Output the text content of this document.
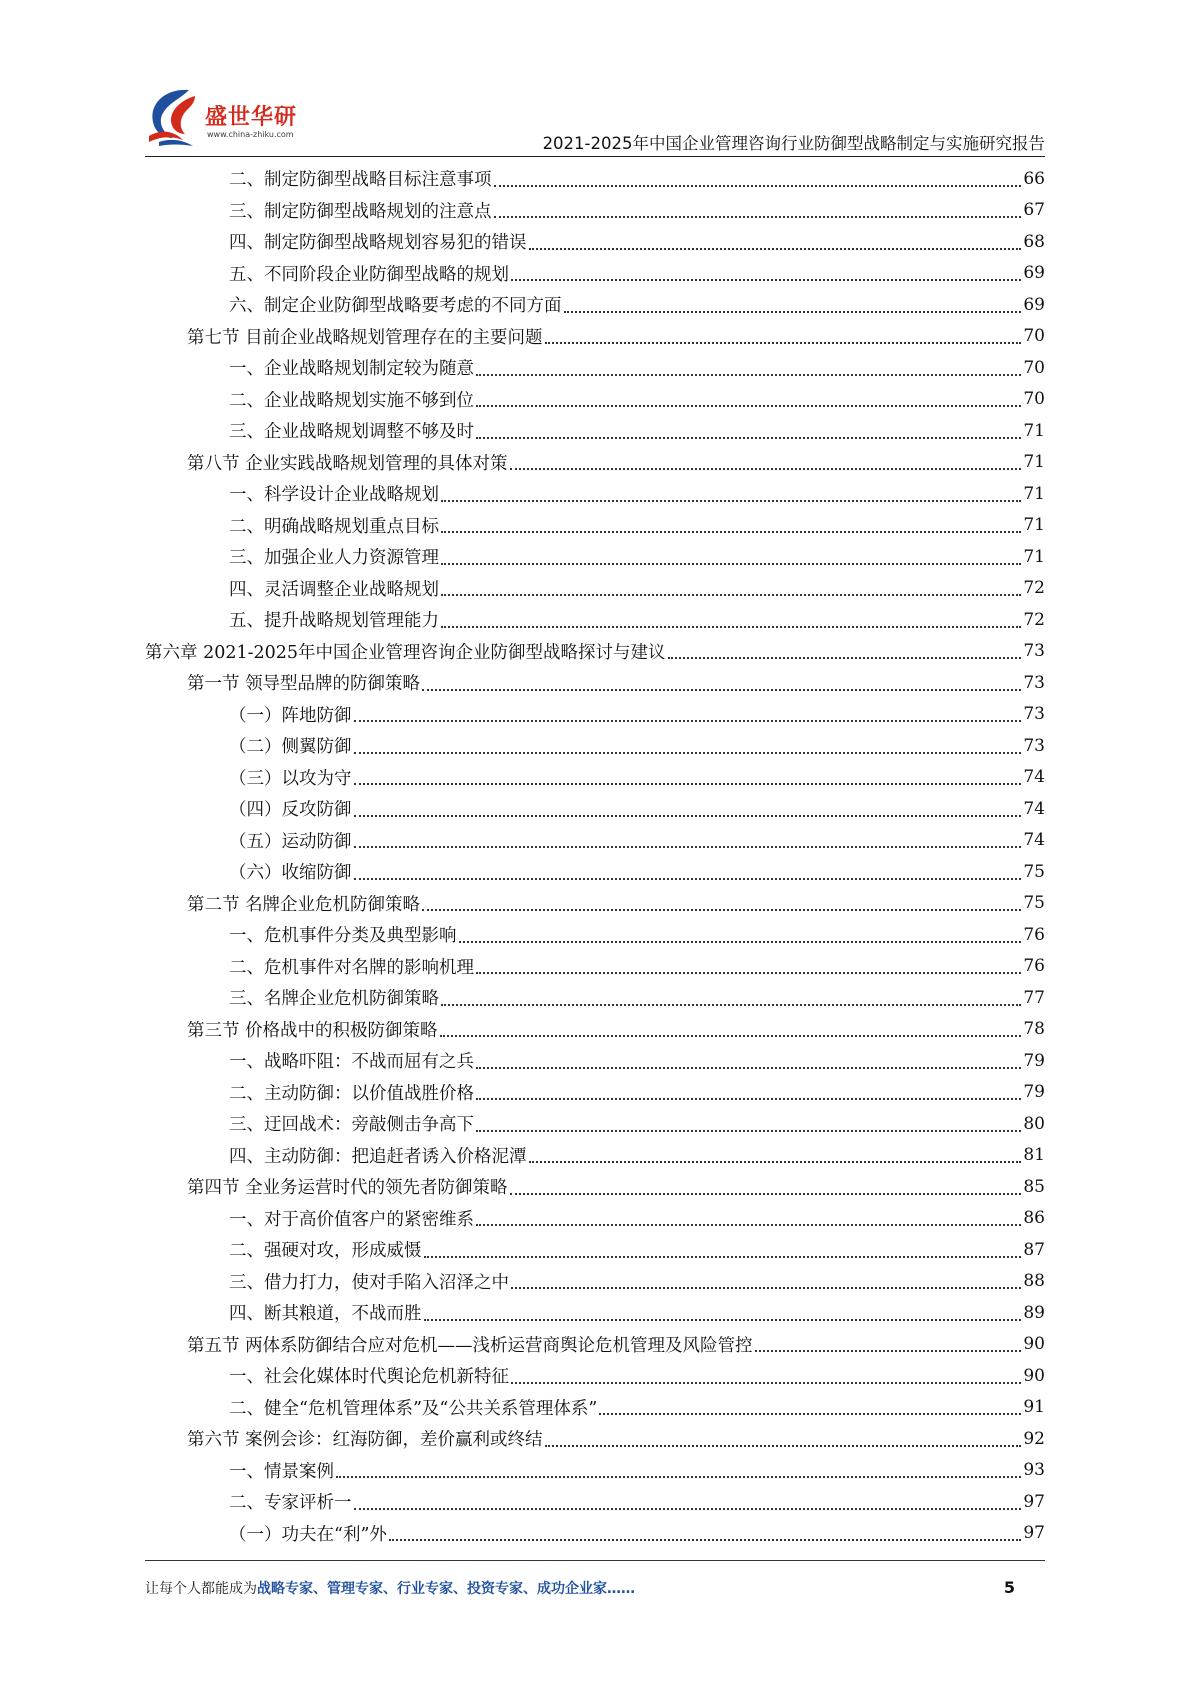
盛世华研
www.china-zhiku.com	2021-2025年中国企业管理咨询行业防御型战略制定与实施研究报告
二、制定防御型战略目标注意事项	66
三、制定防御型战略规划的注意点	67
四、制定防御型战略规划容易犯的错误	68
五、不同阶段企业防御型战略的规划	69
六、制定企业防御型战略要考虑的不同方面	69
第七节 目前企业战略规划管理存在的主要问题	70
一、企业战略规划制定较为随意	70
二、企业战略规划实施不够到位	70
三、企业战略规划调整不够及时	71
第八节 企业实践战略规划管理的具体对策	71
一、科学设计企业战略规划	71
二、明确战略规划重点目标	71
三、加强企业人力资源管理	71
四、灵活调整企业战略规划	72
五、提升战略规划管理能力	72
第六章 2021-2025年中国企业管理咨询企业防御型战略探讨与建议	73
第一节 领导型品牌的防御策略	73
（一）阵地防御	73
（二）侧翼防御	73
（三）以攻为守	74
（四）反攻防御	74
（五）运动防御	74
（六）收缩防御	75
第二节 名牌企业危机防御策略	75
一、危机事件分类及典型影响	76
二、危机事件对名牌的影响机理	76
三、名牌企业危机防御策略	77
第三节 价格战中的积极防御策略	78
一、战略吓阻：不战而屈有之兵	79
二、主动防御：以价值战胜价格	79
三、迂回战术：旁敲侧击争高下	80
四、主动防御：把追赶者诱入价格泥潭	81
第四节 全业务运营时代的领先者防御策略	85
一、对于高价值客户的紧密维系	86
二、强硬对攻，形成威慑	87
三、借力打力，使对手陷入沼泽之中	88
四、断其粮道，不战而胜	89
第五节 两体系防御结合应对危机——浅析运营商舆论危机管理及风险管控	90
一、社会化媒体时代舆论危机新特征	90
二、健全“危机管理体系”及“公共关系管理体系”	91
第六节 案例会诊：红海防御，差价赢利或终结	92
一、情景案例	93
二、专家评析一	97
（一）功夫在“利”外	97
让每个人都能成为战略专家、管理专家、行业专家、投资专家、成功企业家……	5
